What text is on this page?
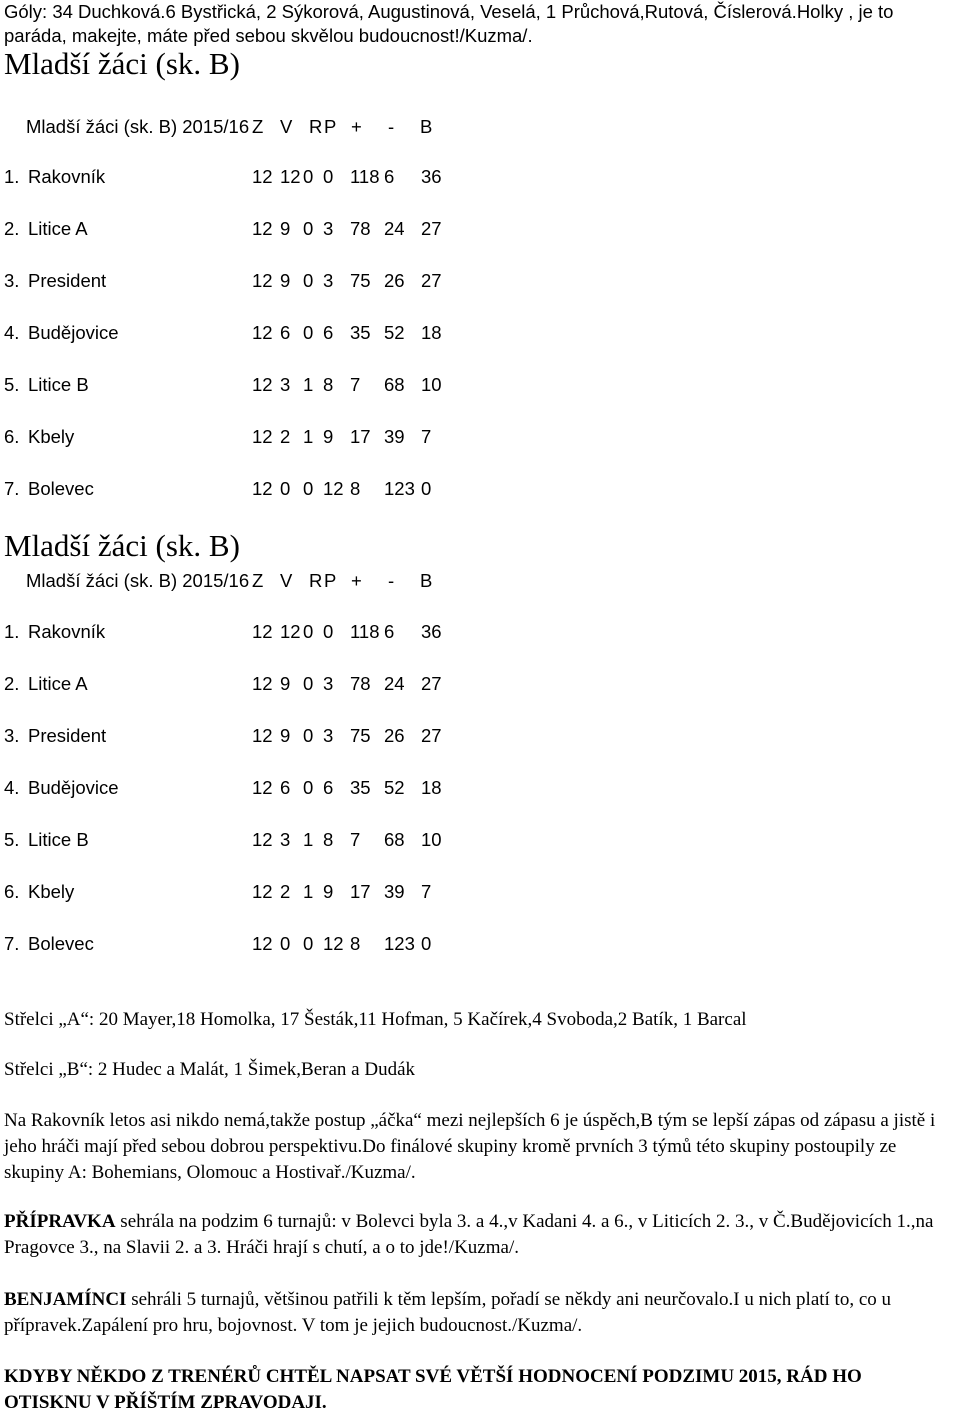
Góly: 34 Duchková.6 Bystřická, 2 Sýkorová, Augustinová, Veselá, 1 Průchová,Rutová, Číslerová.Holky , je to paráda, makejte, máte před sebou skvělou budoucnost!/Kuzma/.
Mladší žáci (sk. B)
Mladší žáci (sk. B) 2015/16 Z V R P + - B
1. Rakovník	12 12 0 0 118 6 36
2. Litice A	12 9 0 3 78 24 27
3. President	12 9 0 3 75 26 27
4. Budějovice	12 6 0 6 35 52 18
5. Litice B	12 3 1 8 7 68 10
6. Kbely	12 2 1 9 17 39 7
7. Bolevec	12 0 0 12 8 123 0
Mladší žáci (sk. B)
Mladší žáci (sk. B) 2015/16 Z V R P + - B
1. Rakovník	12 12 0 0 118 6 36
2. Litice A	12 9 0 3 78 24 27
3. President	12 9 0 3 75 26 27
4. Budějovice	12 6 0 6 35 52 18
5. Litice B	12 3 1 8 7 68 10
6. Kbely	12 2 1 9 17 39 7
7. Bolevec	12 0 0 12 8 123 0
Střelci „A“: 20 Mayer,18 Homolka, 17 Šesták,11 Hofman, 5 Kačírek,4 Svoboda,2 Batík, 1 Barcal
Střelci „B“: 2 Hudec a Malát, 1 Šimek,Beran a Dudák
Na Rakovník letos asi nikdo nemá,takže postup „áčka“ mezi nejlepších 6 je úspěch,B tým se lepší zápas od zápasu a jistě i jeho hráči mají před sebou dobrou perspektivu.Do finálové skupiny kromě prvních 3 týmů této skupiny postoupily ze skupiny A: Bohemians, Olomouc a Hostivař./Kuzma/.
PŘÍPRAVKA sehrála na podzim 6 turnajů: v Bolevci byla 3. a 4.,v Kadani 4. a 6., v Liticích 2. 3., v Č.Budějovicích 1.,na Pragovce 3., na Slavii 2. a 3. Hráči hrají s chutí, a o to jde!/Kuzma/.
BENJAMÍNCI sehráli 5 turnajů, většinou patřili k těm lepším, pořadí se někdy ani neurčovalo.I u nich platí to, co u přípravek.Zapálení pro hru, bojovnost. V tom je jejich budoucnost./Kuzma/.
KDYBY NĚKDO Z TRENÉRŮ CHTĚL NAPSAT SVÉ VĚTŠÍ HODNOCENÍ PODZIMU 2015, RÁD HO OTISKNU V PŘÍŠTÍM ZPRAVODAJI.
